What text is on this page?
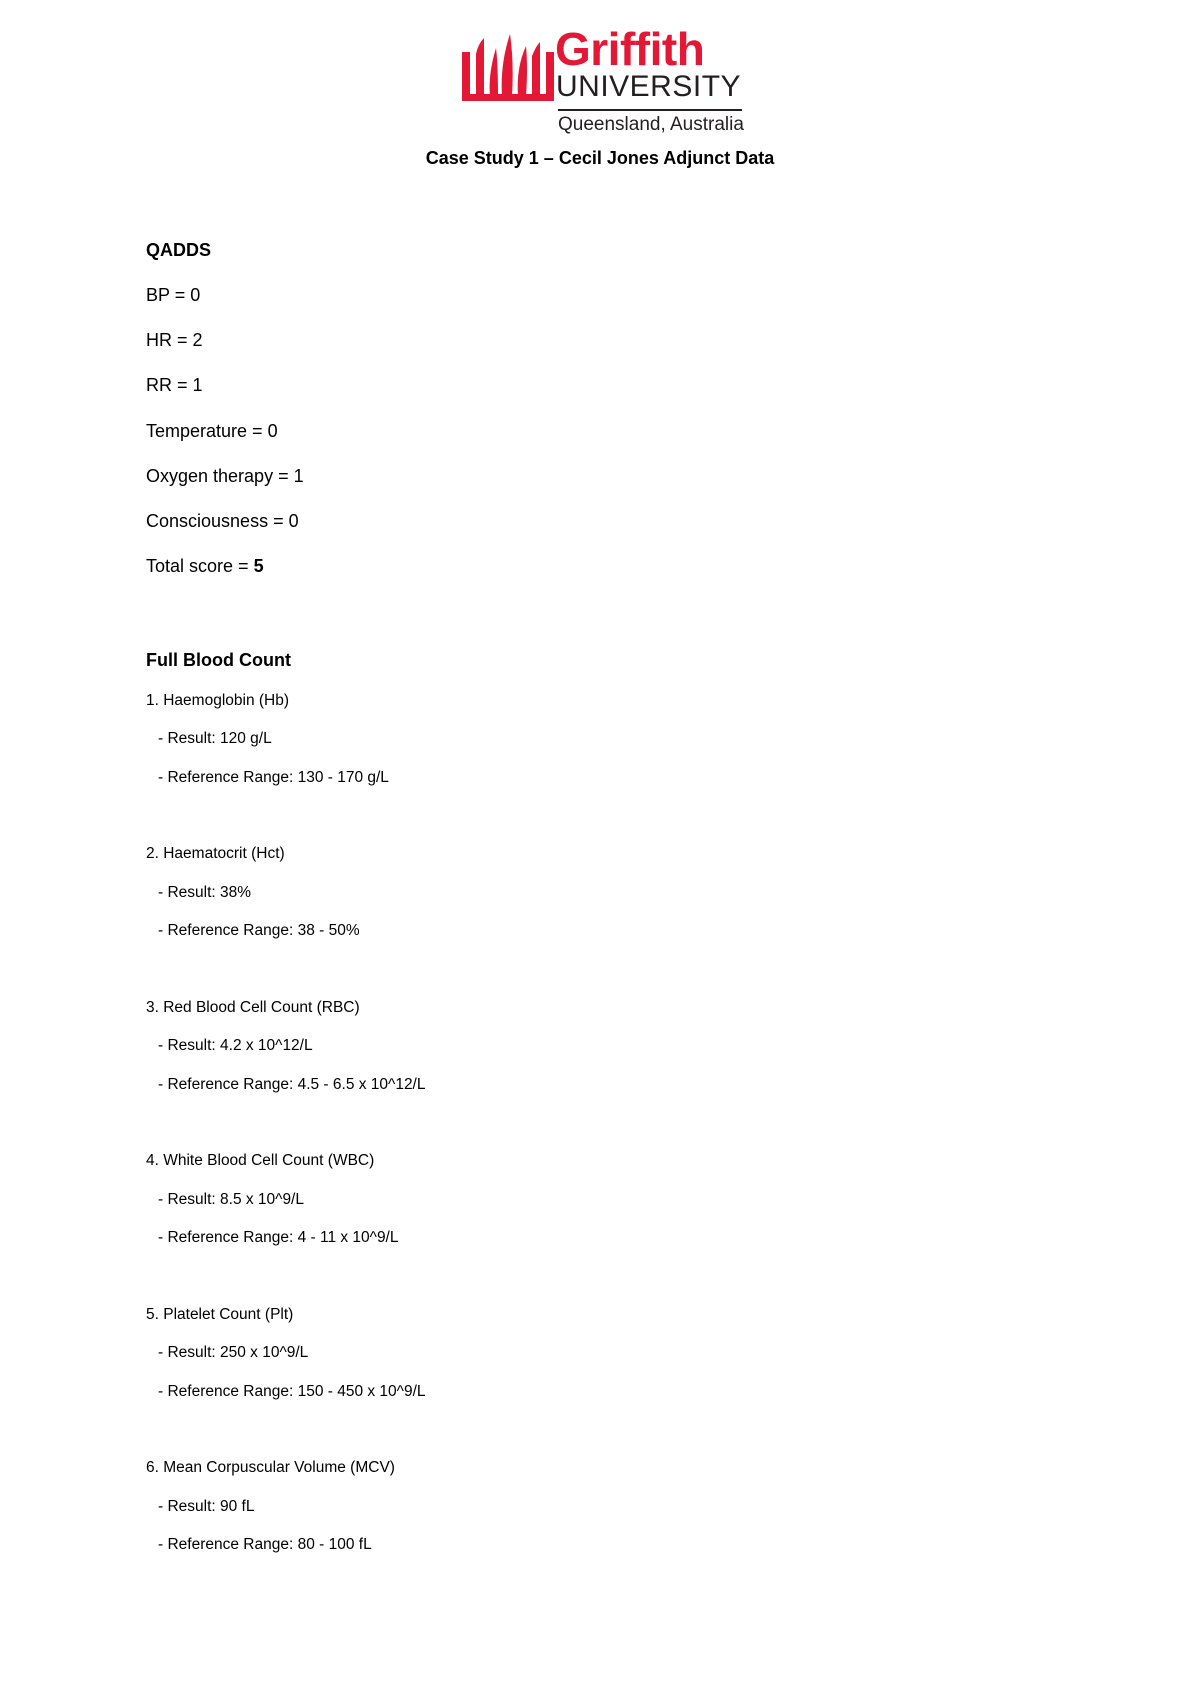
Griffith
UNIVERSITY
Queensland, Australia
Case Study 1 – Cecil Jones Adjunct Data
QADDS
BP = 0
HR = 2
RR = 1
Temperature = 0
Oxygen therapy = 1
Consciousness = 0
Total score = 5
Full Blood Count
1. Haemoglobin (Hb)
- Result: 120 g/L
- Reference Range: 130 - 170 g/L
2. Haematocrit (Hct)
- Result: 38%
- Reference Range: 38 - 50%
3. Red Blood Cell Count (RBC)
- Result: 4.2 x 10^12/L
- Reference Range: 4.5 - 6.5 x 10^12/L
4. White Blood Cell Count (WBC)
- Result: 8.5 x 10^9/L
- Reference Range: 4 - 11 x 10^9/L
5. Platelet Count (Plt)
- Result: 250 x 10^9/L
- Reference Range: 150 - 450 x 10^9/L
6. Mean Corpuscular Volume (MCV)
- Result: 90 fL
- Reference Range: 80 - 100 fL
